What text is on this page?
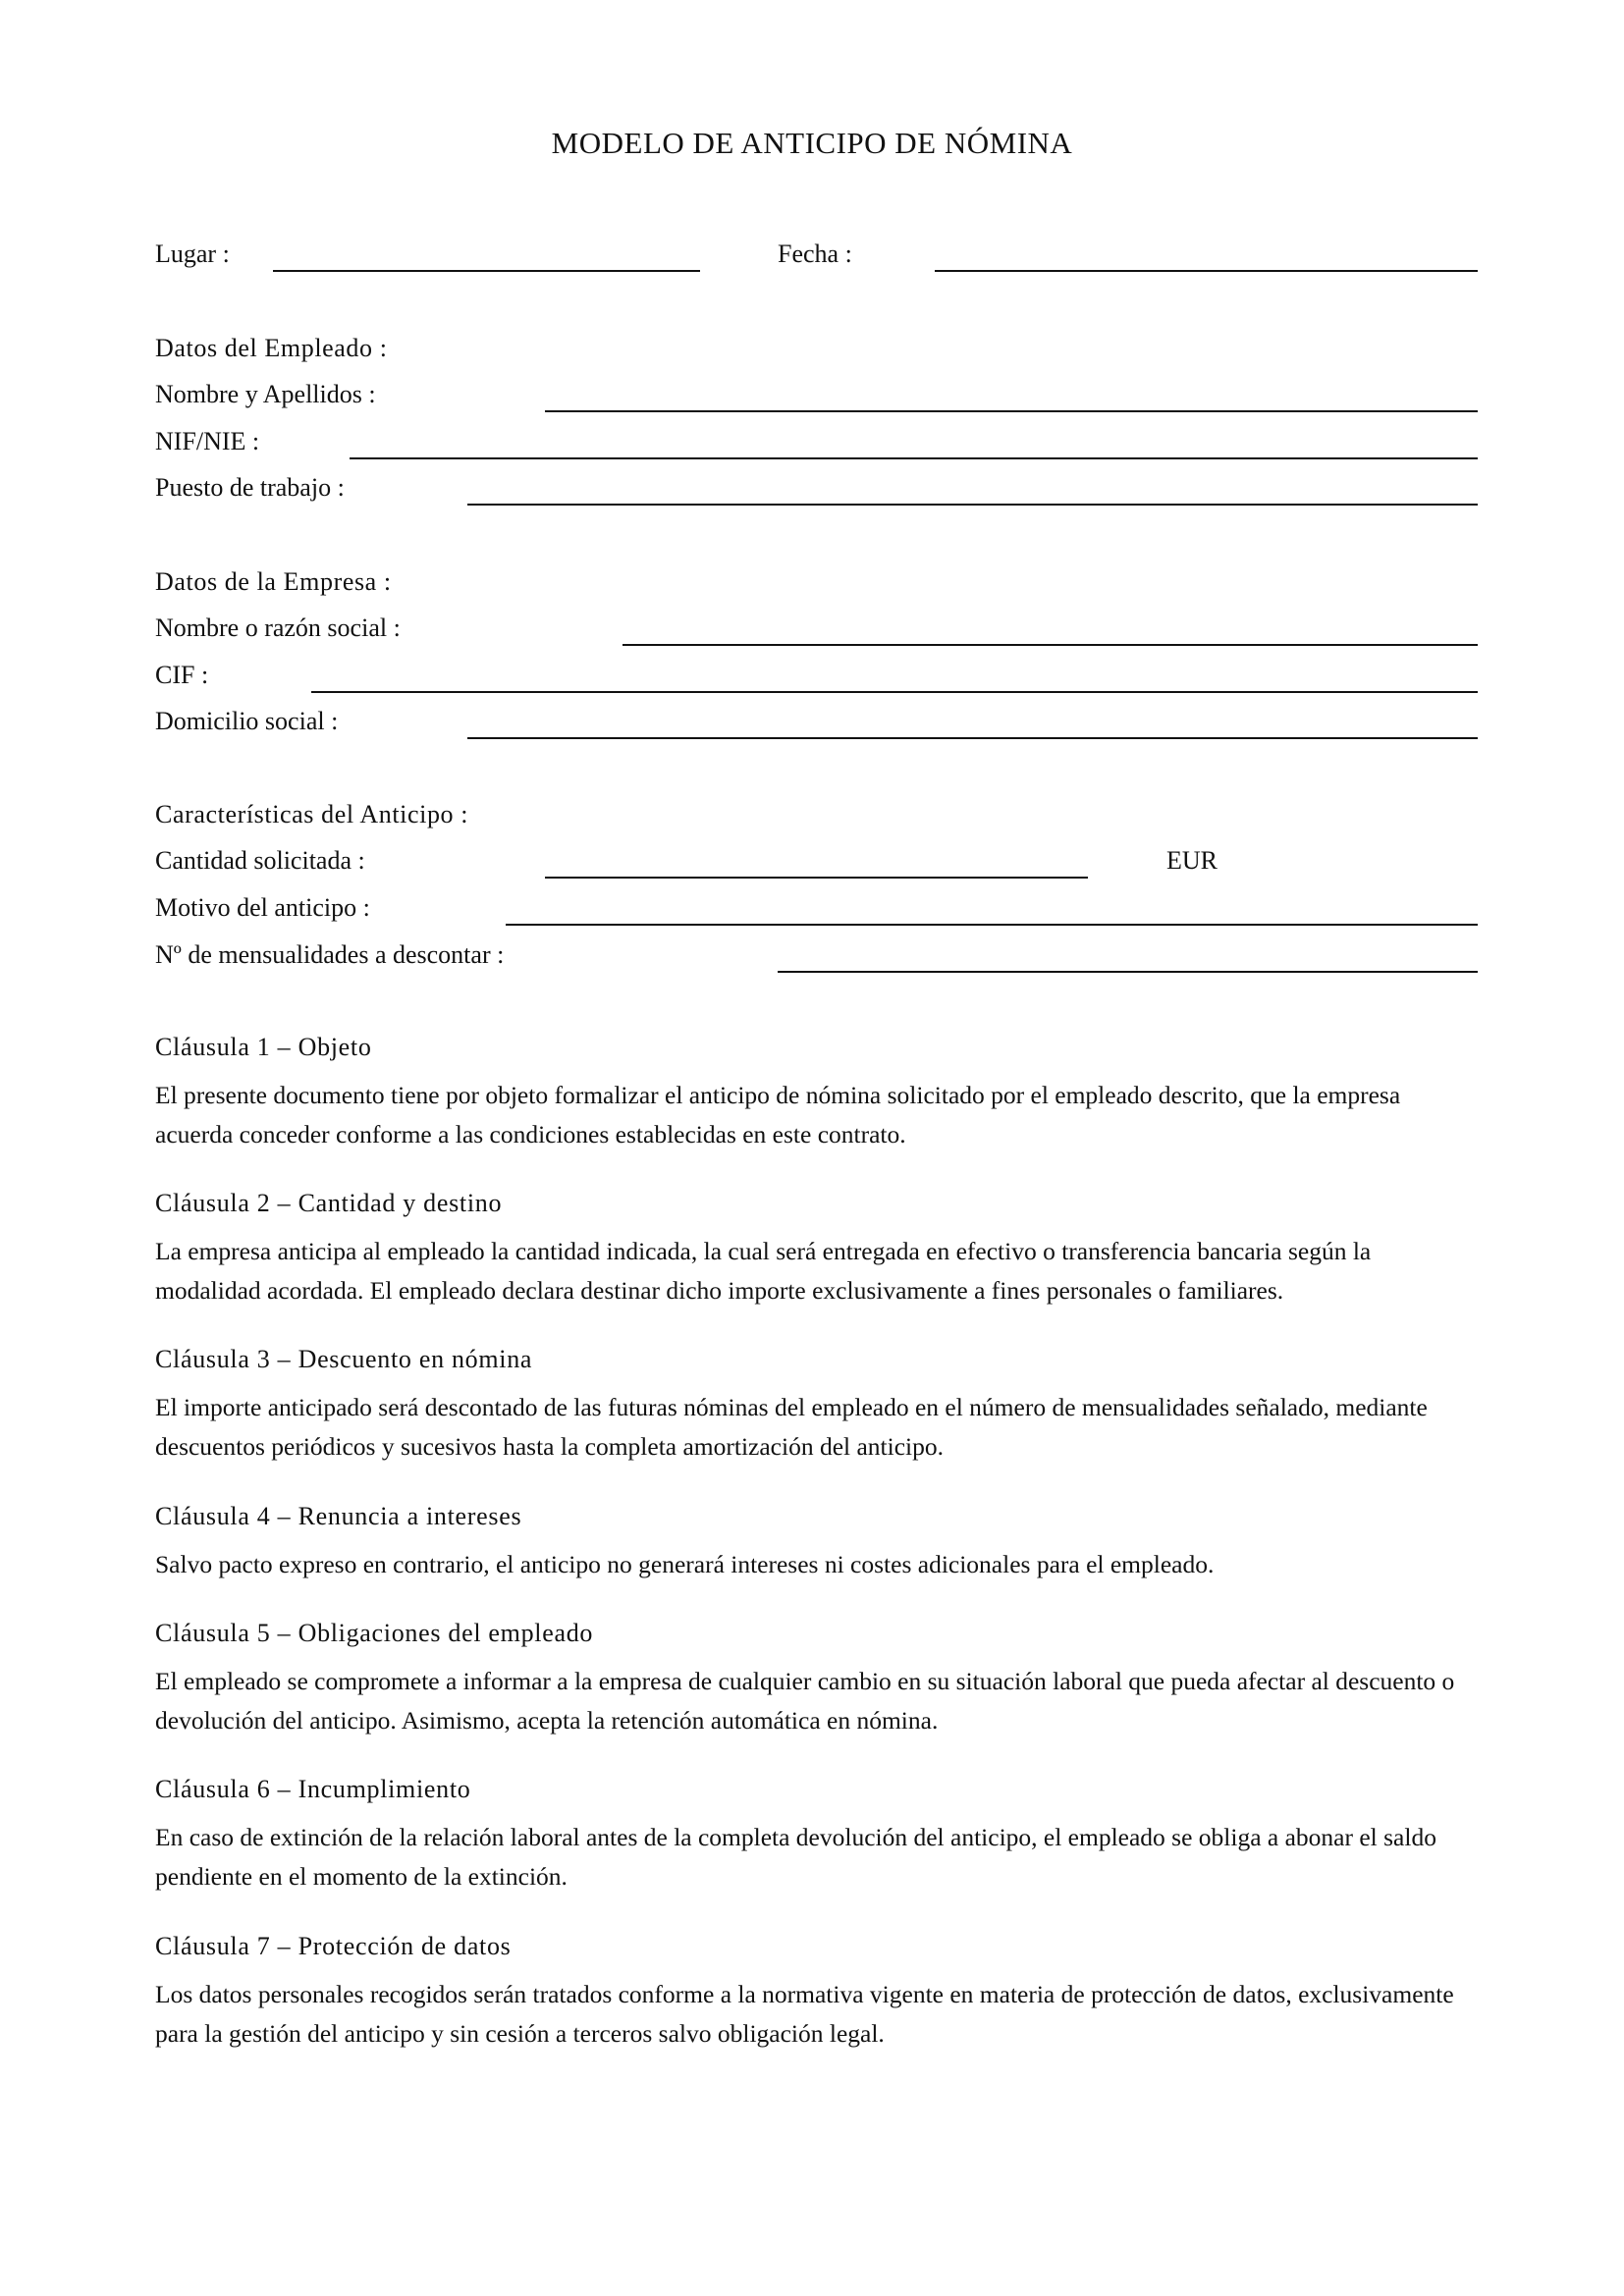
MODELO DE ANTICIPO DE NÓMINA
Lugar :	Fecha :
Datos del Empleado :
Nombre y Apellidos :
NIF/NIE :
Puesto de trabajo :
Datos de la Empresa :
Nombre o razón social :
CIF :
Domicilio social :
Características del Anticipo :
Cantidad solicitada :	EUR
Motivo del anticipo :
Nº de mensualidades a descontar :
Cláusula 1 – Objeto
El presente documento tiene por objeto formalizar el anticipo de nómina solicitado por el empleado descrito, que la empresa acuerda conceder conforme a las condiciones establecidas en este contrato.
Cláusula 2 – Cantidad y destino
La empresa anticipa al empleado la cantidad indicada, la cual será entregada en efectivo o transferencia bancaria según la modalidad acordada. El empleado declara destinar dicho importe exclusivamente a fines personales o familiares.
Cláusula 3 – Descuento en nómina
El importe anticipado será descontado de las futuras nóminas del empleado en el número de mensualidades señalado, mediante descuentos periódicos y sucesivos hasta la completa amortización del anticipo.
Cláusula 4 – Renuncia a intereses
Salvo pacto expreso en contrario, el anticipo no generará intereses ni costes adicionales para el empleado.
Cláusula 5 – Obligaciones del empleado
El empleado se compromete a informar a la empresa de cualquier cambio en su situación laboral que pueda afectar al descuento o devolución del anticipo. Asimismo, acepta la retención automática en nómina.
Cláusula 6 – Incumplimiento
En caso de extinción de la relación laboral antes de la completa devolución del anticipo, el empleado se obliga a abonar el saldo pendiente en el momento de la extinción.
Cláusula 7 – Protección de datos
Los datos personales recogidos serán tratados conforme a la normativa vigente en materia de protección de datos, exclusivamente para la gestión del anticipo y sin cesión a terceros salvo obligación legal.
